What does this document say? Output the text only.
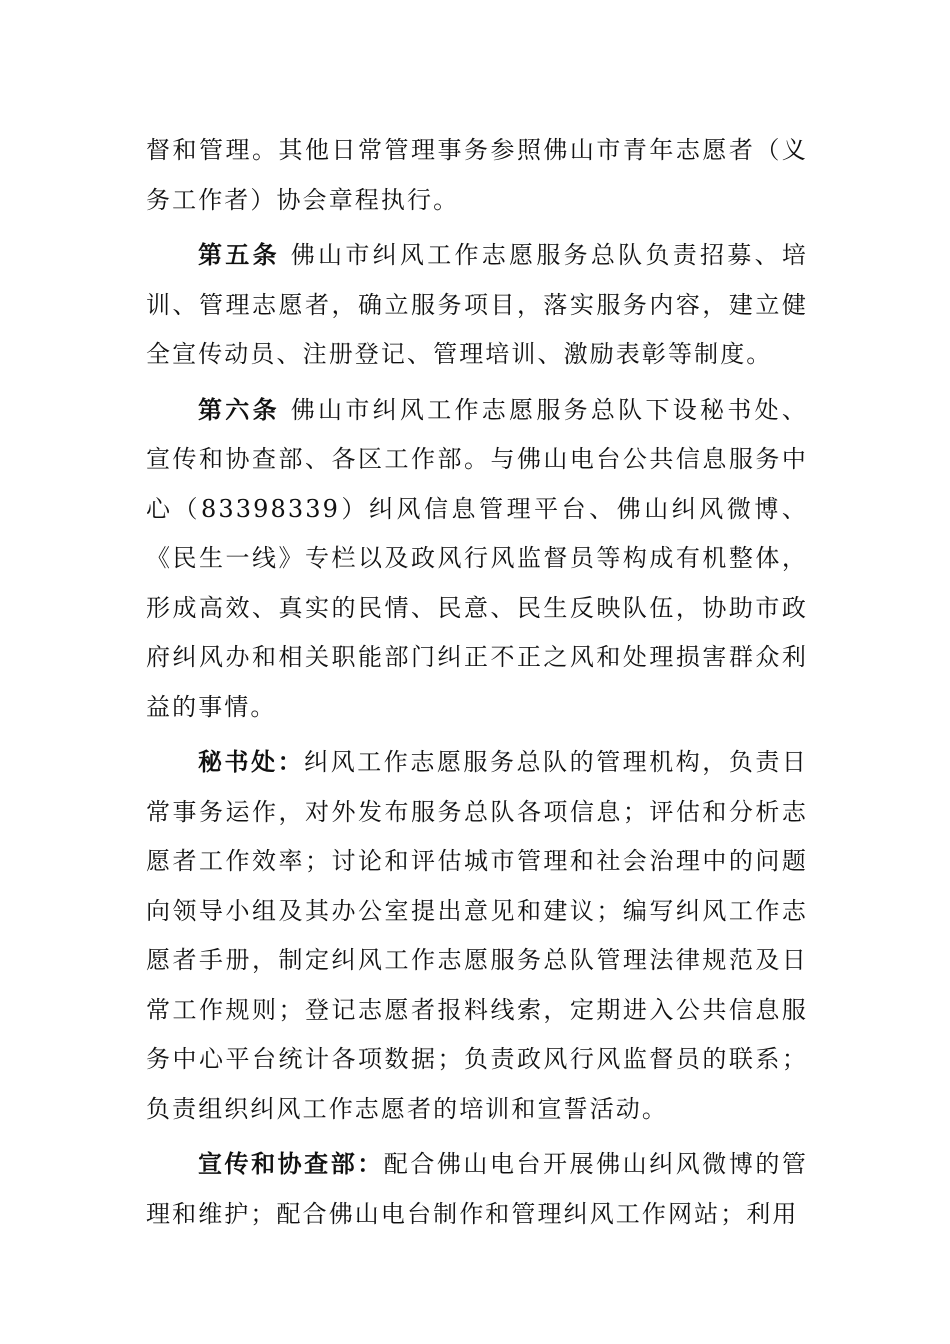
督和管理。其他日常管理事务参照佛山市青年志愿者（义务工作者）协会章程执行。

第五条 佛山市纠风工作志愿服务总队负责招募、培训、管理志愿者，确立服务项目，落实服务内容，建立健全宣传动员、注册登记、管理培训、激励表彰等制度。

第六条 佛山市纠风工作志愿服务总队下设秘书处、宣传和协查部、各区工作部。与佛山电台公共信息服务中心（83398339）纠风信息管理平台、佛山纠风微博、《民生一线》专栏以及政风行风监督员等构成有机整体，形成高效、真实的民情、民意、民生反映队伍，协助市政府纠风办和相关职能部门纠正不正之风和处理损害群众利益的事情。

秘书处：纠风工作志愿服务总队的管理机构，负责日常事务运作，对外发布服务总队各项信息；评估和分析志愿者工作效率；讨论和评估城市管理和社会治理中的问题向领导小组及其办公室提出意见和建议；编写纠风工作志愿者手册，制定纠风工作志愿服务总队管理法律规范及日常工作规则；登记志愿者报料线索，定期进入公共信息服务中心平台统计各项数据；负责政风行风监督员的联系；负责组织纠风工作志愿者的培训和宣誓活动。

宣传和协查部：配合佛山电台开展佛山纠风微博的管理和维护；配合佛山电台制作和管理纠风工作网站；利用
